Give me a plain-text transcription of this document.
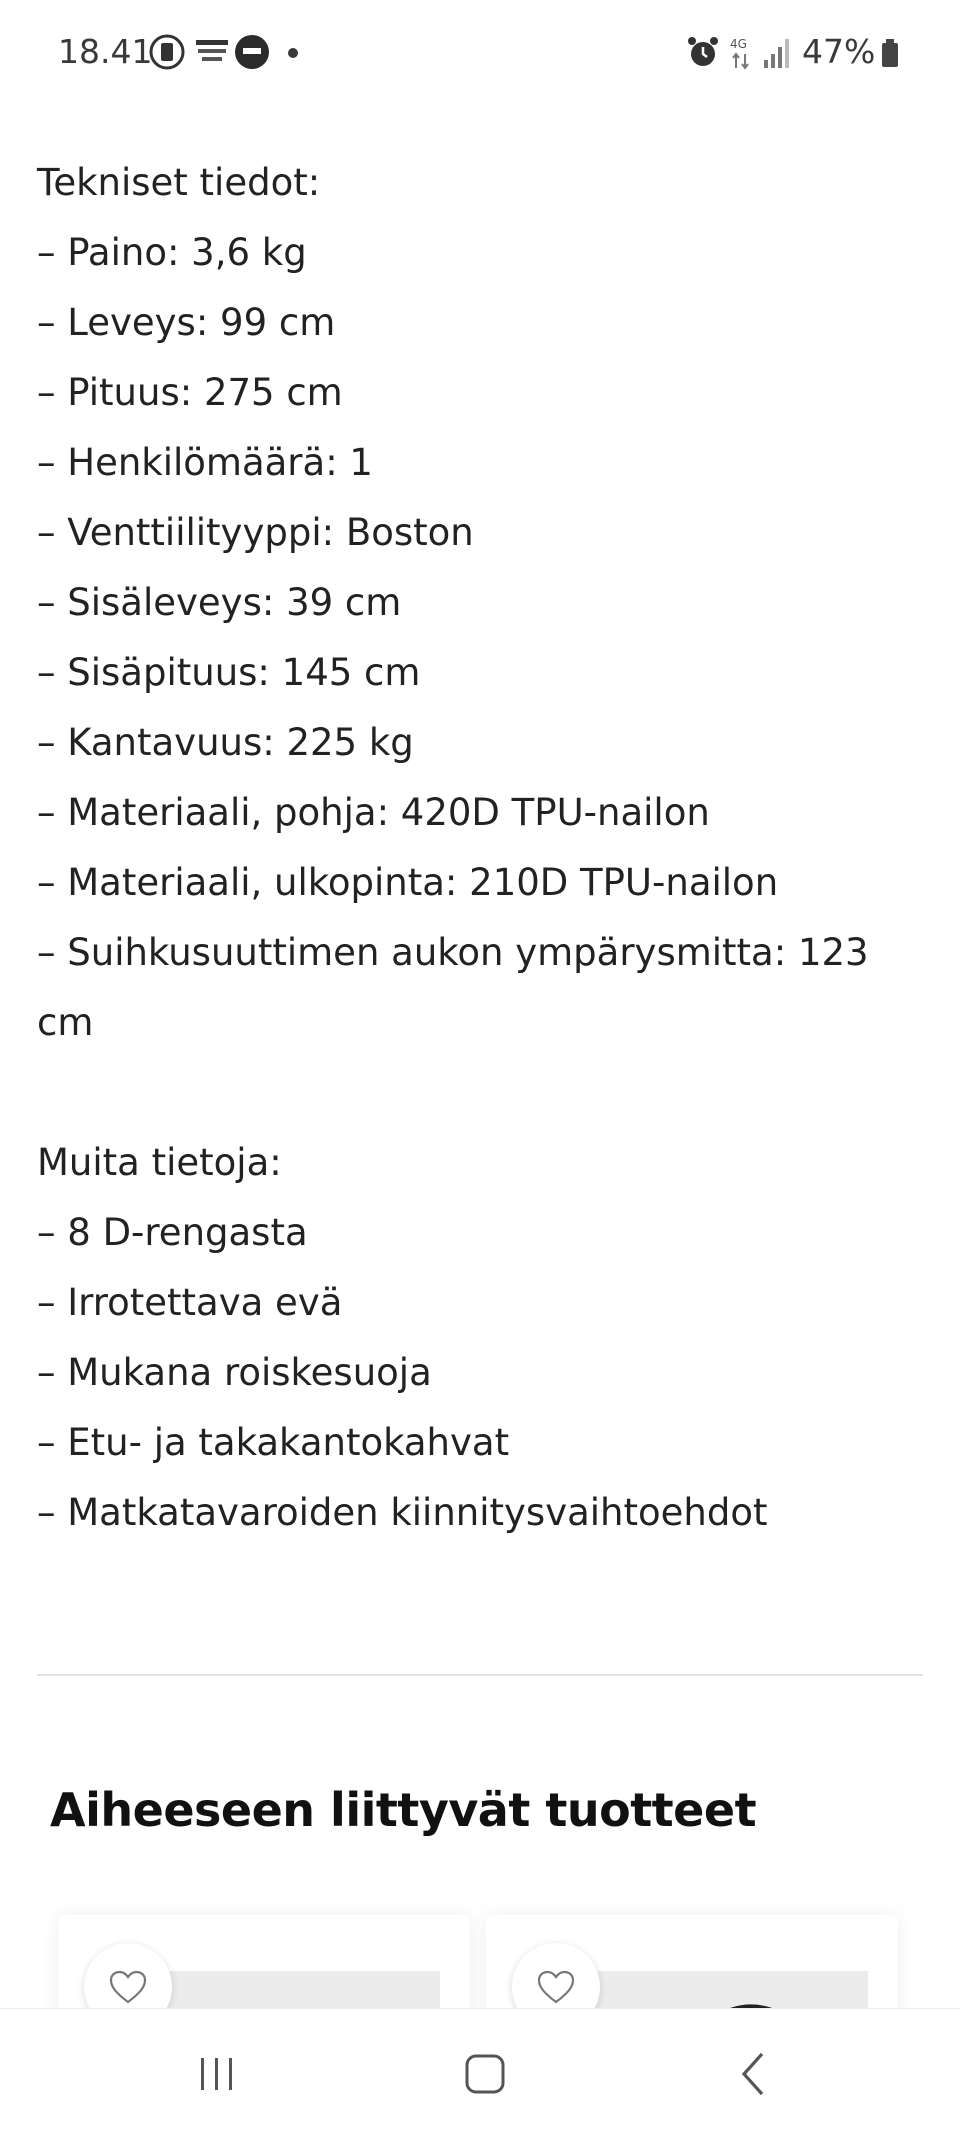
18.41	4G 47%
Tekniset tiedot:
– Paino: 3,6 kg
– Leveys: 99 cm
– Pituus: 275 cm
– Henkilömäärä: 1
– Venttiilityyppi: Boston
– Sisäleveys: 39 cm
– Sisäpituus: 145 cm
– Kantavuus: 225 kg
– Materiaali, pohja: 420D TPU-nailon
– Materiaali, ulkopinta: 210D TPU-nailon
– Suihkusuuttimen aukon ympärysmitta: 123 cm
Muita tietoja:
– 8 D-rengasta
– Irrotettava evä
– Mukana roiskesuoja
– Etu- ja takakantokahvat
– Matkatavaroiden kiinnitysvaihtoehdot
Aiheeseen liittyvät tuotteet
